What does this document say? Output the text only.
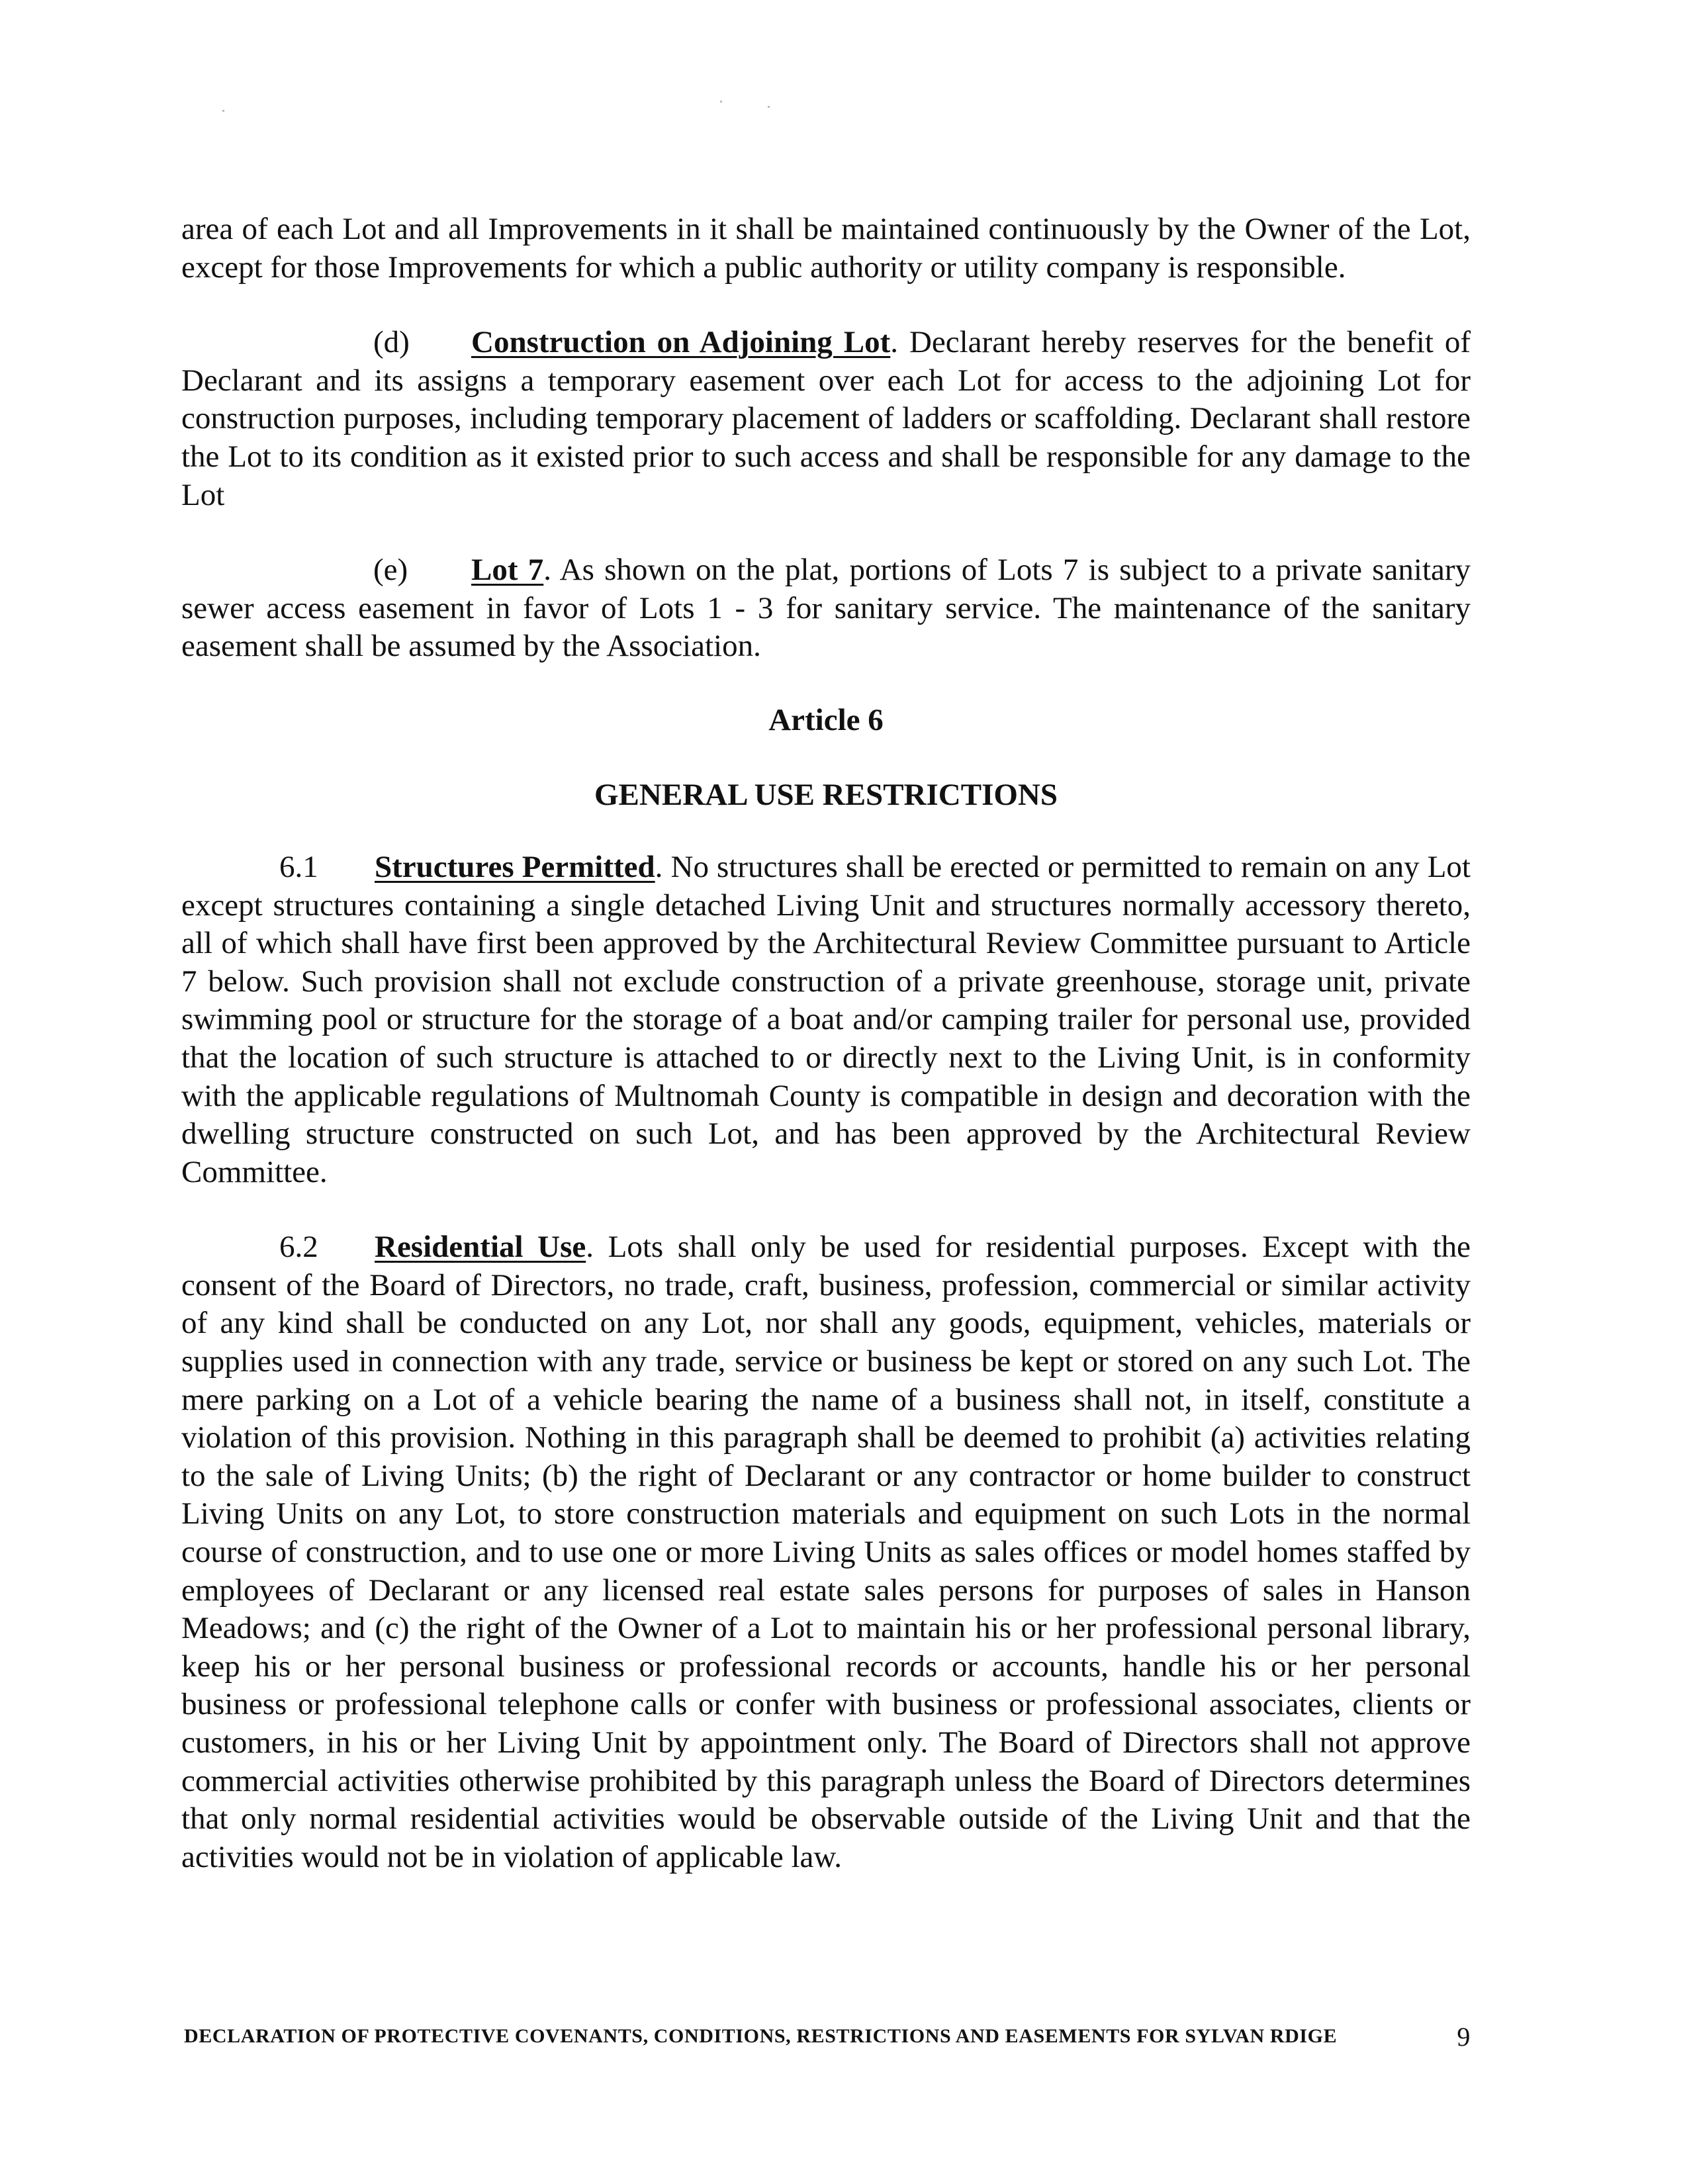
area of each Lot and all Improvements in it shall be maintained continuously by the Owner of the Lot, except for those Improvements for which a public authority or utility company is responsible.

(d) Construction on Adjoining Lot. Declarant hereby reserves for the benefit of Declarant and its assigns a temporary easement over each Lot for access to the adjoining Lot for construction purposes, including temporary placement of ladders or scaffolding. Declarant shall restore the Lot to its condition as it existed prior to such access and shall be responsible for any damage to the Lot

(e) Lot 7. As shown on the plat, portions of Lots 7 is subject to a private sanitary sewer access easement in favor of Lots 1 - 3 for sanitary service. The maintenance of the sanitary easement shall be assumed by the Association.

Article 6

GENERAL USE RESTRICTIONS

6.1 Structures Permitted. No structures shall be erected or permitted to remain on any Lot except structures containing a single detached Living Unit and structures normally accessory thereto, all of which shall have first been approved by the Architectural Review Committee pursuant to Article 7 below. Such provision shall not exclude construction of a private greenhouse, storage unit, private swimming pool or structure for the storage of a boat and/or camping trailer for personal use, provided that the location of such structure is attached to or directly next to the Living Unit, is in conformity with the applicable regulations of Multnomah County is compatible in design and decoration with the dwelling structure constructed on such Lot, and has been approved by the Architectural Review Committee.

6.2 Residential Use. Lots shall only be used for residential purposes. Except with the consent of the Board of Directors, no trade, craft, business, profession, commercial or similar activity of any kind shall be conducted on any Lot, nor shall any goods, equipment, vehicles, materials or supplies used in connection with any trade, service or business be kept or stored on any such Lot. The mere parking on a Lot of a vehicle bearing the name of a business shall not, in itself, constitute a violation of this provision. Nothing in this paragraph shall be deemed to prohibit (a) activities relating to the sale of Living Units; (b) the right of Declarant or any contractor or home builder to construct Living Units on any Lot, to store construction materials and equipment on such Lots in the normal course of construction, and to use one or more Living Units as sales offices or model homes staffed by employees of Declarant or any licensed real estate sales persons for purposes of sales in Hanson Meadows; and (c) the right of the Owner of a Lot to maintain his or her professional personal library, keep his or her personal business or professional records or accounts, handle his or her personal business or professional telephone calls or confer with business or professional associates, clients or customers, in his or her Living Unit by appointment only. The Board of Directors shall not approve commercial activities otherwise prohibited by this paragraph unless the Board of Directors determines that only normal residential activities would be observable outside of the Living Unit and that the activities would not be in violation of applicable law.

DECLARATION OF PROTECTIVE COVENANTS, CONDITIONS, RESTRICTIONS AND EASEMENTS FOR SYLVAN RDIGE	9
